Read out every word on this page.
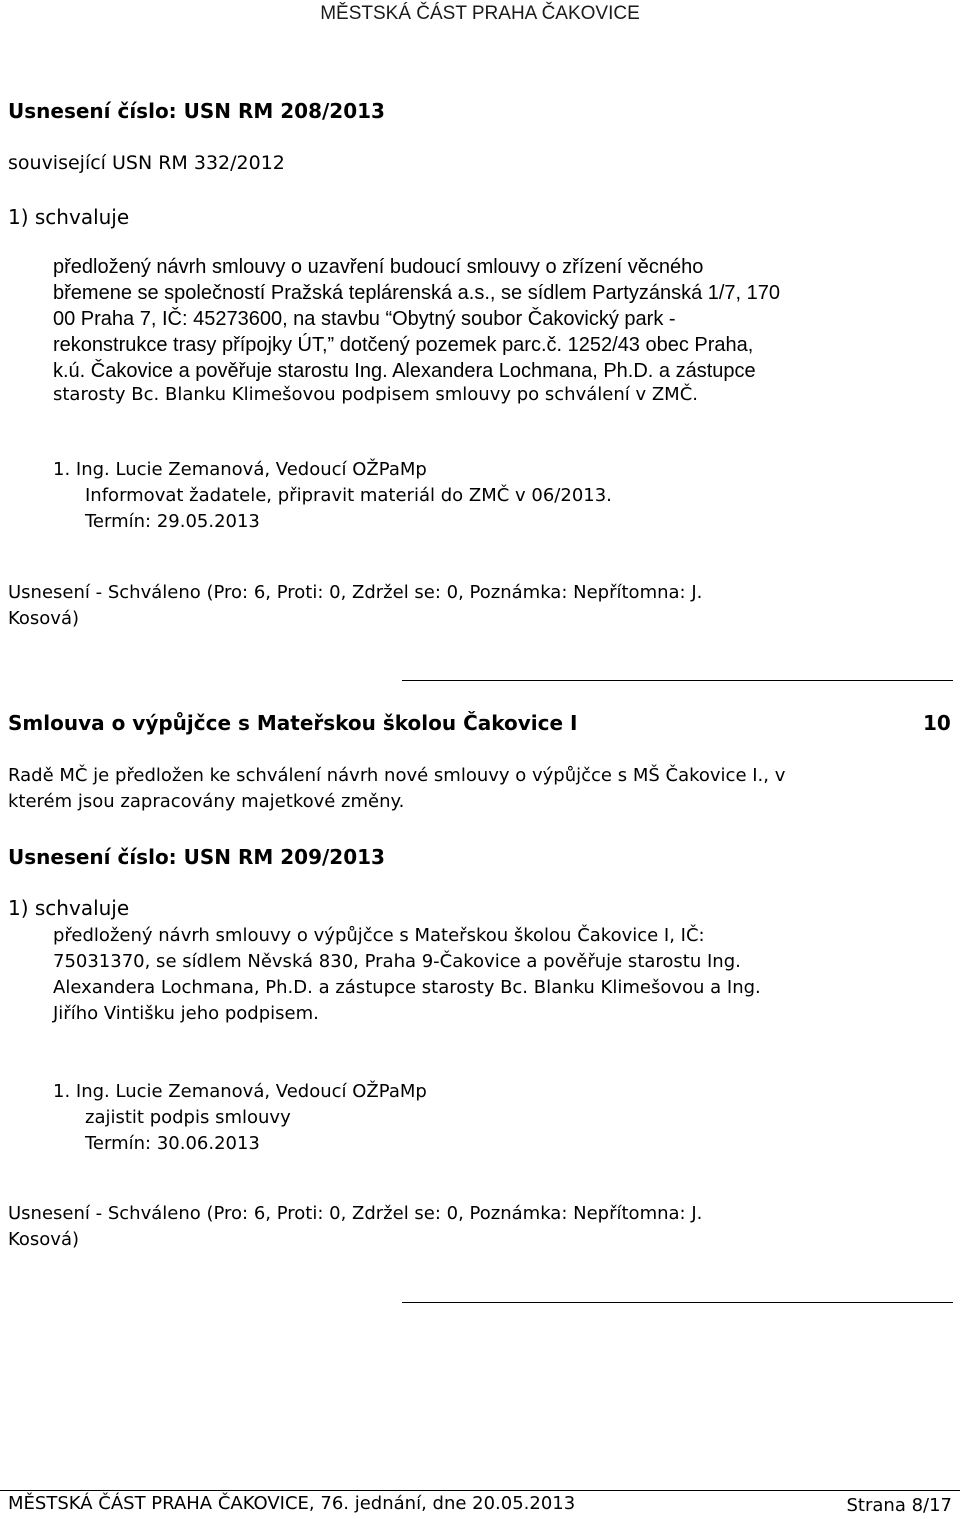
MĚSTSKÁ ČÁST PRAHA ČAKOVICE
Usnesení číslo: USN RM 208/2013
související USN RM 332/2012
1) schvaluje
předložený návrh smlouvy o uzavření budoucí smlouvy o zřízení věcného
břemene se společností Pražská teplárenská a.s., se sídlem Partyzánská 1/7, 170
00 Praha 7, IČ: 45273600, na stavbu “Obytný soubor Čakovický park -
rekonstrukce trasy přípojky ÚT,” dotčený pozemek parc.č. 1252/43 obec Praha,
k.ú. Čakovice a pověřuje starostu Ing. Alexandera Lochmana, Ph.D. a zástupce
starosty Bc. Blanku Klimešovou podpisem smlouvy po schválení v ZMČ.
1. Ing. Lucie Zemanová, Vedoucí OŽPaMp
Informovat žadatele, připravit materiál do ZMČ v 06/2013.
Termín: 29.05.2013
Usnesení - Schváleno (Pro: 6, Proti: 0, Zdržel se: 0, Poznámka: Nepřítomna: J.
Kosová)
Smlouva o výpůjčce s Mateřskou školou Čakovice I	10
Radě MČ je předložen ke schválení návrh nové smlouvy o výpůjčce s MŠ Čakovice I., v
kterém jsou zapracovány majetkové změny.
Usnesení číslo: USN RM 209/2013
1) schvaluje
předložený návrh smlouvy o výpůjčce s Mateřskou školou Čakovice I, IČ:
75031370, se sídlem Něvská 830, Praha 9-Čakovice a pověřuje starostu Ing.
Alexandera Lochmana, Ph.D. a zástupce starosty Bc. Blanku Klimešovou a Ing.
Jiřího Vintišku jeho podpisem.
1. Ing. Lucie Zemanová, Vedoucí OŽPaMp
zajistit podpis smlouvy
Termín: 30.06.2013
Usnesení - Schváleno (Pro: 6, Proti: 0, Zdržel se: 0, Poznámka: Nepřítomna: J.
Kosová)
MĚSTSKÁ ČÁST PRAHA ČAKOVICE, 76. jednání, dne 20.05.2013	Strana 8/17
